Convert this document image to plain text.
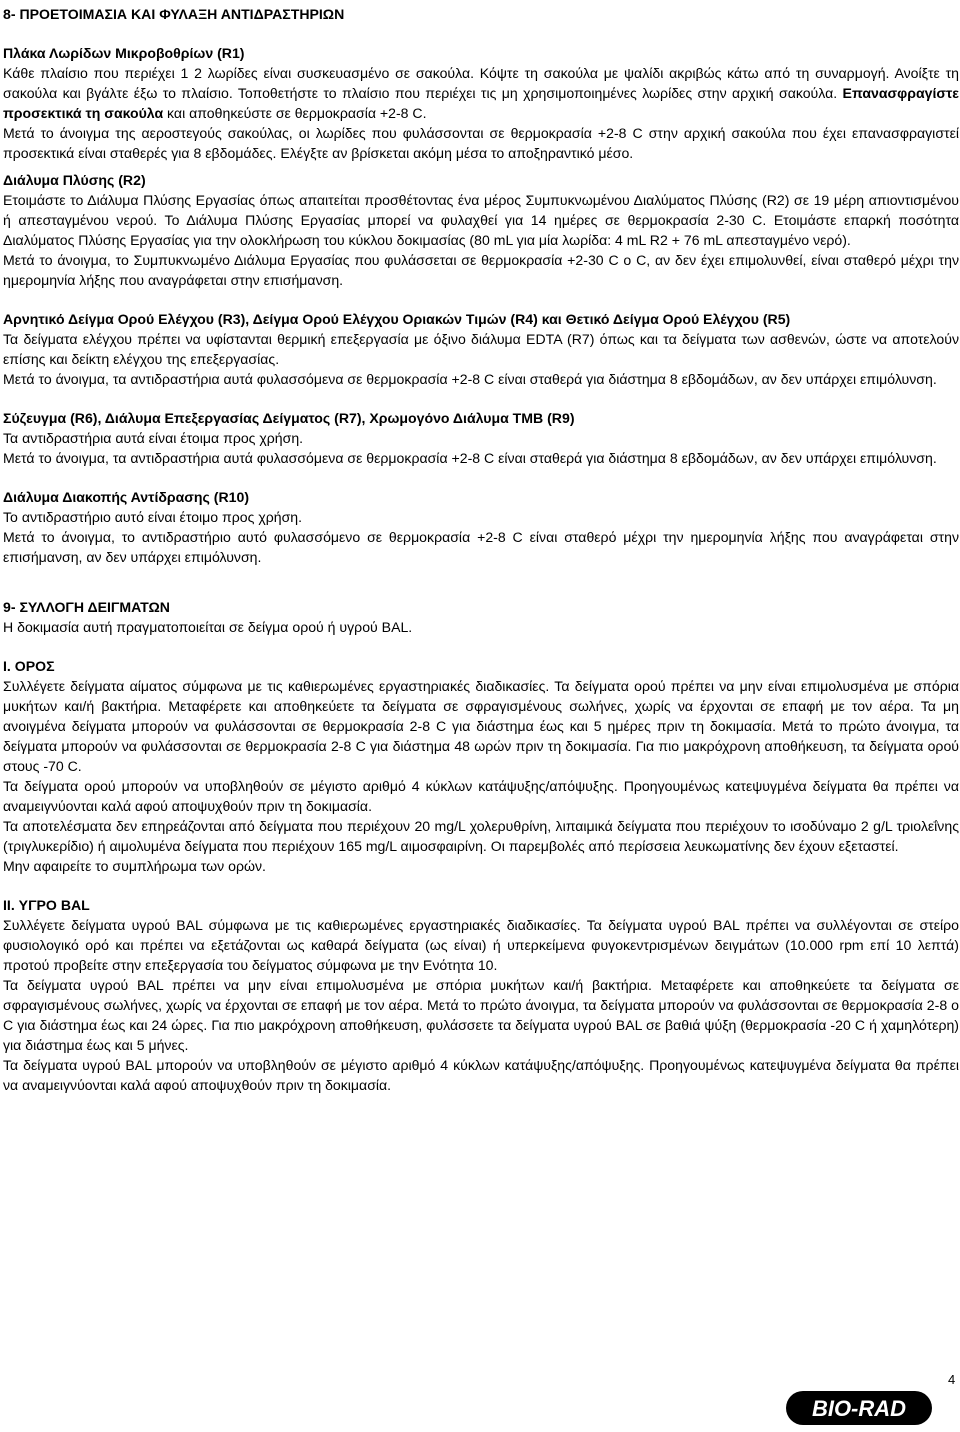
8- ΠΡΟΕΤΟΙΜΑΣΙΑ ΚΑΙ ΦΥΛΑΞΗ ΑΝΤΙΔΡΑΣΤΗΡΙΩΝ

Πλάκα Λωρίδων Μικροβοθρίων (R1)

Κάθε πλαίσιο που περιέχει 1 2 λωρίδες είναι συσκευασμένο σε σακούλα. Κόψτε τη σακούλα με ψαλίδι ακριβώς κάτω από τη συναρμογή. Ανοίξτε τη σακούλα και βγάλτε έξω το πλαίσιο. Τοποθετήστε το πλαίσιο που περιέχει τις μη χρησιμοποιημένες λωρίδες στην αρχική σακούλα. Επανασφραγίστε προσεκτικά τη σακούλα και αποθηκεύστε σε θερμοκρασία +2-8 C.

Μετά το άνοιγμα της αεροστεγούς σακούλας, οι λωρίδες που φυλάσσονται σε θερμοκρασία +2-8 C στην αρχική σακούλα που έχει επανασφραγιστεί προσεκτικά είναι σταθερές για 8 εβδομάδες. Ελέγξτε αν βρίσκεται ακόμη μέσα το αποξηραντικό μέσο.

Διάλυμα Πλύσης (R2)

Ετοιμάστε το Διάλυμα Πλύσης Εργασίας όπως απαιτείται προσθέτοντας ένα μέρος Συμπυκνωμένου Διαλύματος Πλύσης (R2) σε 19 μέρη απιοντισμένου ή απεσταγμένου νερού. Το Διάλυμα Πλύσης Εργασίας μπορεί να φυλαχθεί για 14 ημέρες σε θερμοκρασία 2-30 C. Ετοιμάστε επαρκή ποσότητα Διαλύματος Πλύσης Εργασίας για την ολοκλήρωση του κύκλου δοκιμασίας (80 mL για μία λωρίδα: 4 mL R2 + 76 mL απεσταγμένο νερό).

Μετά το άνοιγμα, το Συμπυκνωμένο Διάλυμα Εργασίας που φυλάσσεται σε θερμοκρασία +2-30 C o C, αν δεν έχει επιμολυνθεί, είναι σταθερό μέχρι την ημερομηνία λήξης που αναγράφεται στην επισήμανση.

Αρνητικό Δείγμα Ορού Ελέγχου (R3), Δείγμα Ορού Ελέγχου Οριακών Τιμών (R4) και Θετικό Δείγμα Ορού Ελέγχου (R5)

Τα δείγματα ελέγχου πρέπει να υφίστανται θερμική επεξεργασία με όξινο διάλυμα EDTA (R7) όπως και τα δείγματα των ασθενών, ώστε να αποτελούν επίσης και δείκτη ελέγχου της επεξεργασίας.

Μετά το άνοιγμα, τα αντιδραστήρια αυτά φυλασσόμενα σε θερμοκρασία +2-8 C είναι σταθερά για διάστημα 8 εβδομάδων, αν δεν υπάρχει επιμόλυνση.

Σύζευγμα (R6), Διάλυμα Επεξεργασίας Δείγματος (R7), Χρωμογόνο Διάλυμα TMB (R9)

Τα αντιδραστήρια αυτά είναι έτοιμα προς χρήση.

Μετά το άνοιγμα, τα αντιδραστήρια αυτά φυλασσόμενα σε θερμοκρασία +2-8 C είναι σταθερά για διάστημα 8 εβδομάδων, αν δεν υπάρχει επιμόλυνση.

Διάλυμα Διακοπής Αντίδρασης (R10)

Το αντιδραστήριο αυτό είναι έτοιμο προς χρήση.

Μετά το άνοιγμα, το αντιδραστήριο αυτό φυλασσόμενο σε θερμοκρασία +2-8 C είναι σταθερό μέχρι την ημερομηνία λήξης που αναγράφεται στην επισήμανση, αν δεν υπάρχει επιμόλυνση.

9- ΣΥΛΛΟΓΗ ΔΕΙΓΜΑΤΩΝ

Η δοκιμασία αυτή πραγματοποιείται σε δείγμα ορού ή υγρού BAL.

I. ΟΡΟΣ

Συλλέγετε δείγματα αίματος σύμφωνα με τις καθιερωμένες εργαστηριακές διαδικασίες. Τα δείγματα ορού πρέπει να μην είναι επιμολυσμένα με σπόρια μυκήτων και/ή βακτήρια. Μεταφέρετε και αποθηκεύετε τα δείγματα σε σφραγισμένους σωλήνες, χωρίς να έρχονται σε επαφή με τον αέρα. Τα μη ανοιγμένα δείγματα μπορούν να φυλάσσονται σε θερμοκρασία 2-8 C για διάστημα έως και 5 ημέρες πριν τη δοκιμασία. Μετά το πρώτο άνοιγμα, τα δείγματα μπορούν να φυλάσσονται σε θερμοκρασία 2-8 C για διάστημα 48 ωρών πριν τη δοκιμασία. Για πιο μακρόχρονη αποθήκευση, τα δείγματα ορού στους -70 C.

Τα δείγματα ορού μπορούν να υποβληθούν σε μέγιστο αριθμό 4 κύκλων κατάψυξης/απόψυξης. Προηγουμένως κατεψυγμένα δείγματα θα πρέπει να αναμειγνύονται καλά αφού αποψυχθούν πριν τη δοκιμασία.

Τα αποτελέσματα δεν επηρεάζονται από δείγματα που περιέχουν 20 mg/L χολερυθρίνη, λιπαιμικά δείγματα που περιέχουν το ισοδύναμο 2 g/L τριολεΐνης (τριγλυκερίδιο) ή αιμολυμένα δείγματα που περιέχουν 165 mg/L αιμοσφαιρίνη. Οι παρεμβολές από περίσσεια λευκωματίνης δεν έχουν εξεταστεί.

Μην αφαιρείτε το συμπλήρωμα των ορών.

II. ΥΓΡΟ BAL

Συλλέγετε δείγματα υγρού BAL σύμφωνα με τις καθιερωμένες εργαστηριακές διαδικασίες. Τα δείγματα υγρού BAL πρέπει να συλλέγονται σε στείρο φυσιολογικό ορό και πρέπει να εξετάζονται ως καθαρά δείγματα (ως είναι) ή υπερκείμενα φυγοκεντρισμένων δειγμάτων (10.000 rpm επί 10 λεπτά) προτού προβείτε στην επεξεργασία του δείγματος σύμφωνα με την Ενότητα 10.

Τα δείγματα υγρού BAL πρέπει να μην είναι επιμολυσμένα με σπόρια μυκήτων και/ή βακτήρια. Μεταφέρετε και αποθηκεύετε τα δείγματα σε σφραγισμένους σωλήνες, χωρίς να έρχονται σε επαφή με τον αέρα. Μετά το πρώτο άνοιγμα, τα δείγματα μπορούν να φυλάσσονται σε θερμοκρασία 2-8 o C για διάστημα έως και 24 ώρες. Για πιο μακρόχρονη αποθήκευση, φυλάσσετε τα δείγματα υγρού BAL σε βαθιά ψύξη (θερμοκρασία -20 C ή χαμηλότερη) για διάστημα έως και 5 μήνες.

Τα δείγματα υγρού BAL μπορούν να υποβληθούν σε μέγιστο αριθμό 4 κύκλων κατάψυξης/απόψυξης. Προηγουμένως κατεψυγμένα δείγματα θα πρέπει να αναμειγνύονται καλά αφού αποψυχθούν πριν τη δοκιμασία.

4
BIO-RAD
